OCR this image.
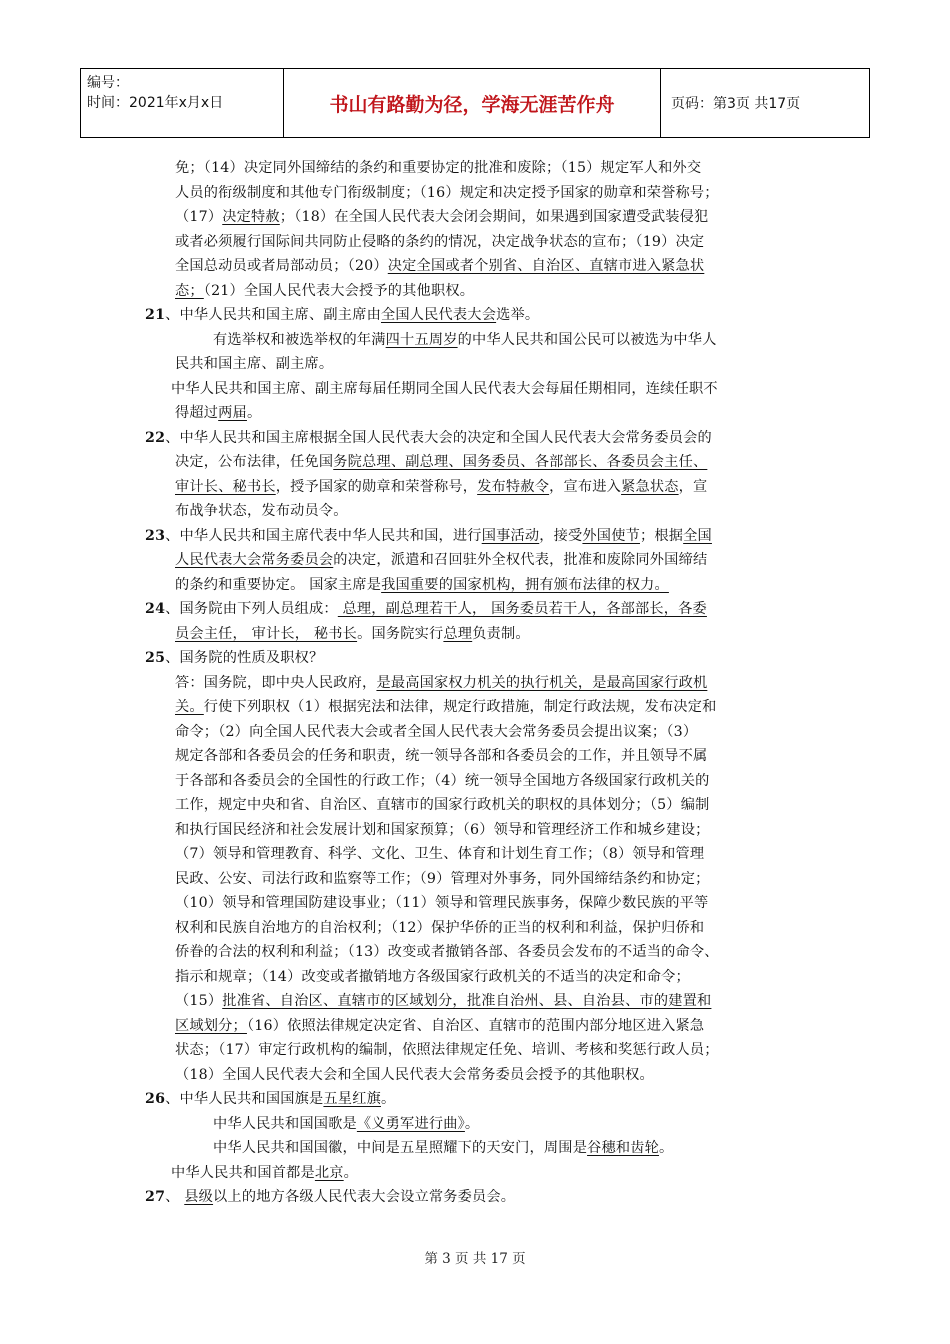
编号：
时间：2021年x月x日	书山有路勤为径，学海无涯苦作舟	页码：第3页 共17页
免；（14）决定同外国缔结的条约和重要协定的批准和废除；（15）规定军人和外交
人员的衔级制度和其他专门衔级制度；（16）规定和决定授予国家的勋章和荣誉称号；
（17）决定特赦；（18）在全国人民代表大会闭会期间，如果遇到国家遭受武装侵犯
或者必须履行国际间共同防止侵略的条约的情况，决定战争状态的宣布；（19）决定
全国总动员或者局部动员；（20）决定全国或者个别省、自治区、直辖市进入紧急状
态；（21）全国人民代表大会授予的其他职权。
21、中华人民共和国主席、副主席由全国人民代表大会选举。
有选举权和被选举权的年满四十五周岁的中华人民共和国公民可以被选为中华人
民共和国主席、副主席。
中华人民共和国主席、副主席每届任期同全国人民代表大会每届任期相同，连续任职不
得超过两届。
22、中华人民共和国主席根据全国人民代表大会的决定和全国人民代表大会常务委员会的
决定，公布法律，任免国务院总理、副总理、国务委员、各部部长、各委员会主任、
审计长、秘书长，授予国家的勋章和荣誉称号，发布特赦令，宣布进入紧急状态，宣
布战争状态，发布动员令。
23、中华人民共和国主席代表中华人民共和国，进行国事活动，接受外国使节；根据全国
人民代表大会常务委员会的决定，派遣和召回驻外全权代表，批准和废除同外国缔结
的条约和重要协定。 国家主席是我国重要的国家机构，拥有颁布法律的权力。
24、国务院由下列人员组成： 总理，副总理若干人， 国务委员若干人，各部部长，各委
员会主任， 审计长， 秘书长。国务院实行总理负责制。
25、国务院的性质及职权？
答：国务院，即中央人民政府，是最高国家权力机关的执行机关，是最高国家行政机
关。行使下列职权（1）根据宪法和法律，规定行政措施，制定行政法规，发布决定和
命令；（2）向全国人民代表大会或者全国人民代表大会常务委员会提出议案；（3）
规定各部和各委员会的任务和职责，统一领导各部和各委员会的工作，并且领导不属
于各部和各委员会的全国性的行政工作；（4）统一领导全国地方各级国家行政机关的
工作，规定中央和省、自治区、直辖市的国家行政机关的职权的具体划分；（5）编制
和执行国民经济和社会发展计划和国家预算；（6）领导和管理经济工作和城乡建设；
（7）领导和管理教育、科学、文化、卫生、体育和计划生育工作；（8）领导和管理
民政、公安、司法行政和监察等工作；（9）管理对外事务，同外国缔结条约和协定；
（10）领导和管理国防建设事业；（11）领导和管理民族事务，保障少数民族的平等
权利和民族自治地方的自治权利；（12）保护华侨的正当的权利和利益，保护归侨和
侨眷的合法的权利和利益；（13）改变或者撤销各部、各委员会发布的不适当的命令、
指示和规章；（14）改变或者撤销地方各级国家行政机关的不适当的决定和命令；
（15）批准省、自治区、直辖市的区域划分，批准自治州、县、自治县、市的建置和
区域划分；（16）依照法律规定决定省、自治区、直辖市的范围内部分地区进入紧急
状态；（17）审定行政机构的编制，依照法律规定任免、培训、考核和奖惩行政人员；
（18）全国人民代表大会和全国人民代表大会常务委员会授予的其他职权。
26、中华人民共和国国旗是五星红旗。
中华人民共和国国歌是《义勇军进行曲》。
中华人民共和国国徽，中间是五星照耀下的天安门，周围是谷穗和齿轮。
中华人民共和国首都是北京。
27、 县级以上的地方各级人民代表大会设立常务委员会。
第 3 页 共 17 页
